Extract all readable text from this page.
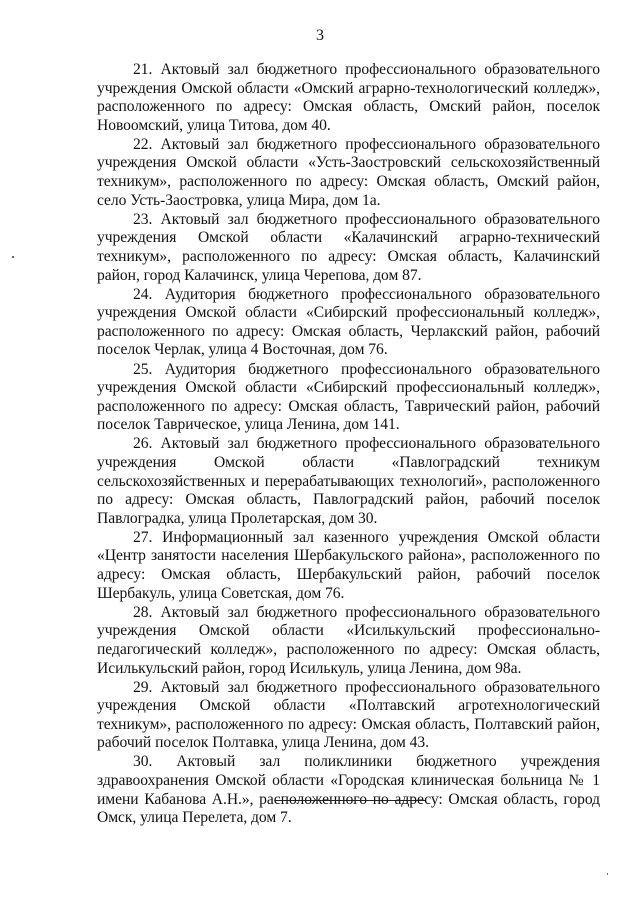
3

21. Актовый зал бюджетного профессионального образовательного учреждения Омской области «Омский аграрно-технологический колледж», расположенного по адресу: Омская область, Омский район, поселок Новоомский, улица Титова, дом 40.

22. Актовый зал бюджетного профессионального образовательного учреждения Омской области «Усть-Заостровский сельскохозяйственный техникум», расположенного по адресу: Омская область, Омский район, село Усть-Заостровка, улица Мира, дом 1а.

23. Актовый зал бюджетного профессионального образовательного учреждения Омской области «Калачинский аграрно-технический техникум», расположенного по адресу: Омская область, Калачинский район, город Калачинск, улица Черепова, дом 87.

24. Аудитория бюджетного профессионального образовательного учреждения Омской области «Сибирский профессиональный колледж», расположенного по адресу: Омская область, Черлакский район, рабочий поселок Черлак, улица 4 Восточная, дом 76.

25. Аудитория бюджетного профессионального образовательного учреждения Омской области «Сибирский профессиональный колледж», расположенного по адресу: Омская область, Таврический район, рабочий поселок Таврическое, улица Ленина, дом 141.

26. Актовый зал бюджетного профессионального образовательного учреждения Омской области «Павлоградский техникум сельскохозяйственных и перерабатывающих технологий», расположенного по адресу: Омская область, Павлоградский район, рабочий поселок Павлоградка, улица Пролетарская, дом 30.

27. Информационный зал казенного учреждения Омской области «Центр занятости населения Шербакульского района», расположенного по адресу: Омская область, Шербакульский район, рабочий поселок Шербакуль, улица Советская, дом 76.

28. Актовый зал бюджетного профессионального образовательного учреждения Омской области «Исилькульский профессионально-педагогический колледж», расположенного по адресу: Омская область, Исилькульский район, город Исилькуль, улица Ленина, дом 98а.

29. Актовый зал бюджетного профессионального образовательного учреждения Омской области «Полтавский агротехнологический техникум», расположенного по адресу: Омская область, Полтавский район, рабочий поселок Полтавка, улица Ленина, дом 43.

30. Актовый зал поликлиники бюджетного учреждения здравоохранения Омской области «Городская клиническая больница № 1 имени Кабанова А.Н.», расположенного по адресу: Омская область, город Омск, улица Перелета, дом 7.
